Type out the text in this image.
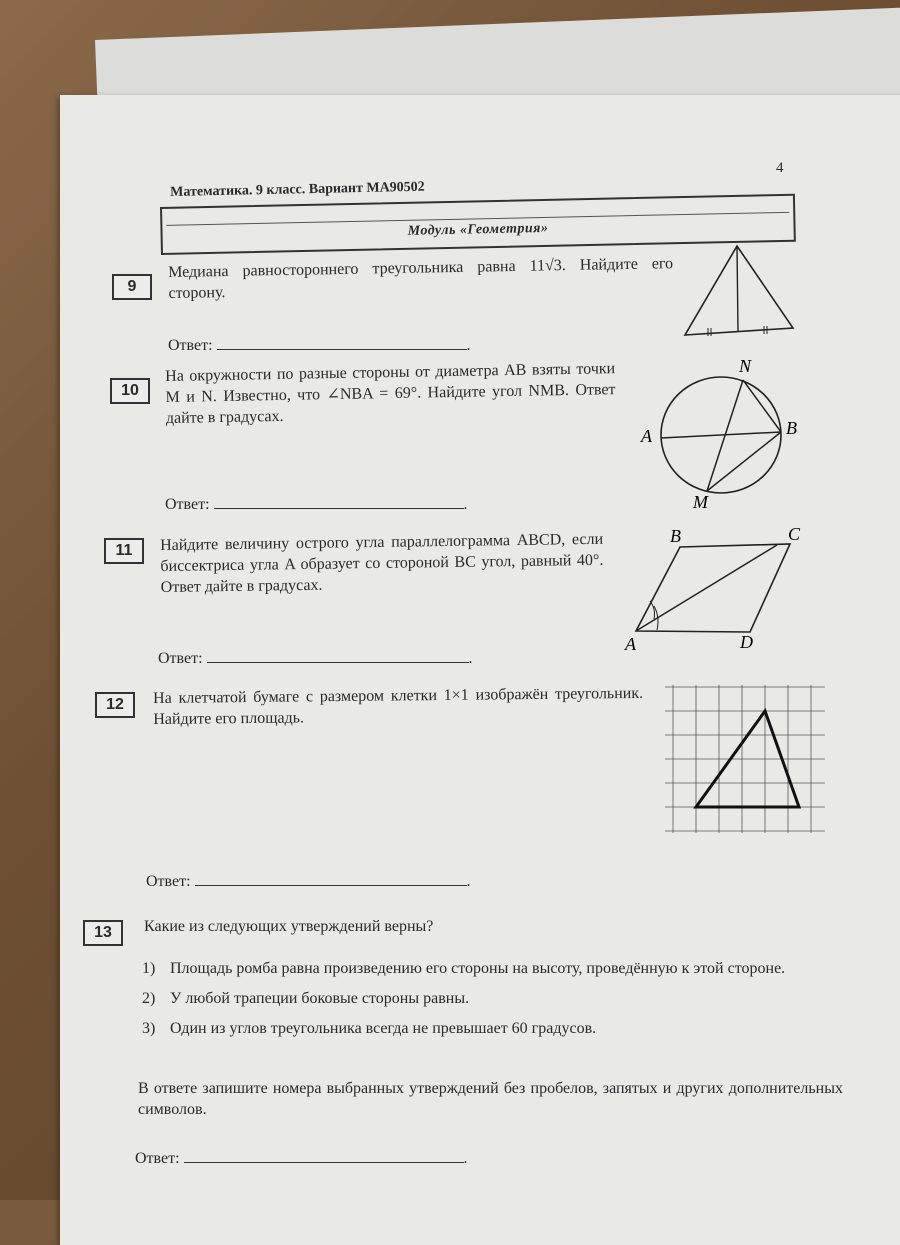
4
Математика. 9 класс. Вариант МА90502
Модуль «Геометрия»
9
Медиана равностороннего треугольника равна 11√3. Найдите его сторону.
Ответ:	.
10
На окружности по разные стороны от диаметра AB взяты точки M и N. Известно, что ∠NBA = 69°. Найдите угол NMB. Ответ дайте в градусах.
N
A	B
M
Ответ:	.
11	Найдите величину острого угла параллелограмма ABCD, если биссектриса угла A образует со стороной BC угол, равный 40°. Ответ дайте в градусах.
B	C
A	D
Ответ:	.
12	На клетчатой бумаге с размером клетки 1×1 изображён треугольник. Найдите его площадь.
Ответ:	.
13	Какие из следующих утверждений верны?
1) Площадь ромба равна произведению его стороны на высоту, проведённую к этой стороне.
2) У любой трапеции боковые стороны равны.
3) Один из углов треугольника всегда не превышает 60 градусов.
В ответе запишите номера выбранных утверждений без пробелов, запятых и других дополнительных символов.
Ответ:	.
